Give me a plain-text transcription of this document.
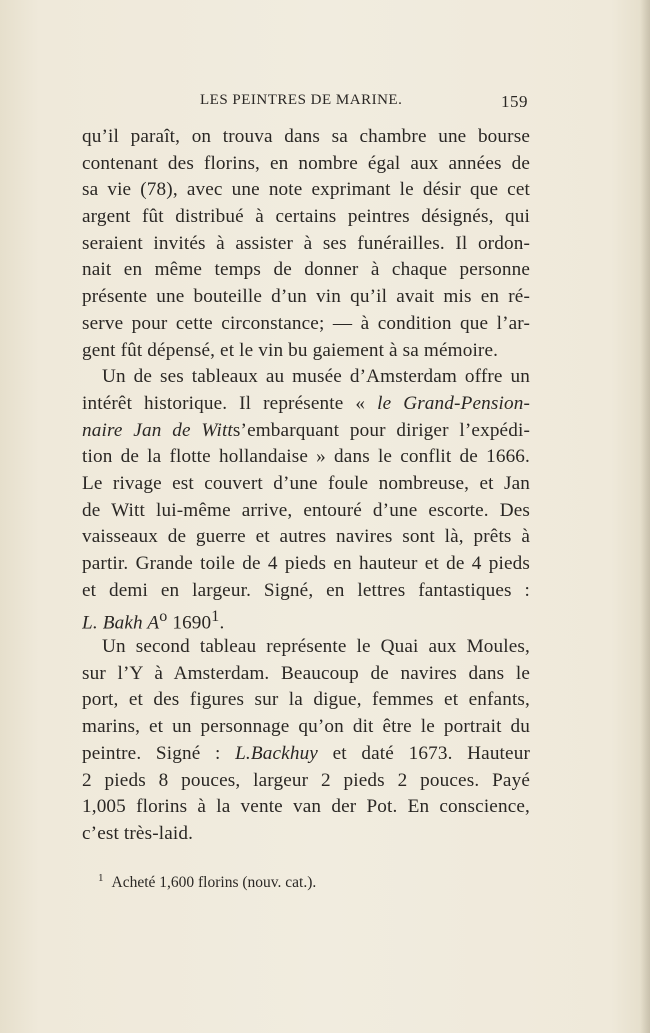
LES PEINTRES DE MARINE.	159
qu’il paraît, on trouva dans sa chambre une bourse
contenant des florins, en nombre égal aux années de
sa vie (78), avec une note exprimant le désir que cet
argent fût distribué à certains peintres désignés, qui
seraient invités à assister à ses funérailles. Il ordon-
nait en même temps de donner à chaque personne
présente une bouteille d’un vin qu’il avait mis en ré-
serve pour cette circonstance; — à condition que l’ar-
gent fût dépensé, et le vin bu gaiement à sa mémoire.
Un de ses tableaux au musée d’Amsterdam offre un
intérêt historique. Il représente « le Grand-Pension-
naire Jan de Witts’embarquant pour diriger l’expédi-
tion de la flotte hollandaise » dans le conflit de 1666.
Le rivage est couvert d’une foule nombreuse, et Jan
de Witt lui-même arrive, entouré d’une escorte. Des
vaisseaux de guerre et autres navires sont là, prêts à
partir. Grande toile de 4 pieds en hauteur et de 4 pieds
et demi en largeur. Signé, en lettres fantastiques :
L. Bakh $A^o$ 1690$^1$.
Un second tableau représente le Quai aux Moules,
sur l’Y à Amsterdam. Beaucoup de navires dans le
port, et des figures sur la digue, femmes et enfants,
marins, et un personnage qu’on dit être le portrait du
peintre. Signé : L.Backhuy et daté 1673. Hauteur
2 pieds 8 pouces, largeur 2 pieds 2 pouces. Payé
1,005 florins à la vente van der Pot. En conscience,
c’est très-laid.
$^1$ Acheté 1,600 florins (nouv. cat.).
